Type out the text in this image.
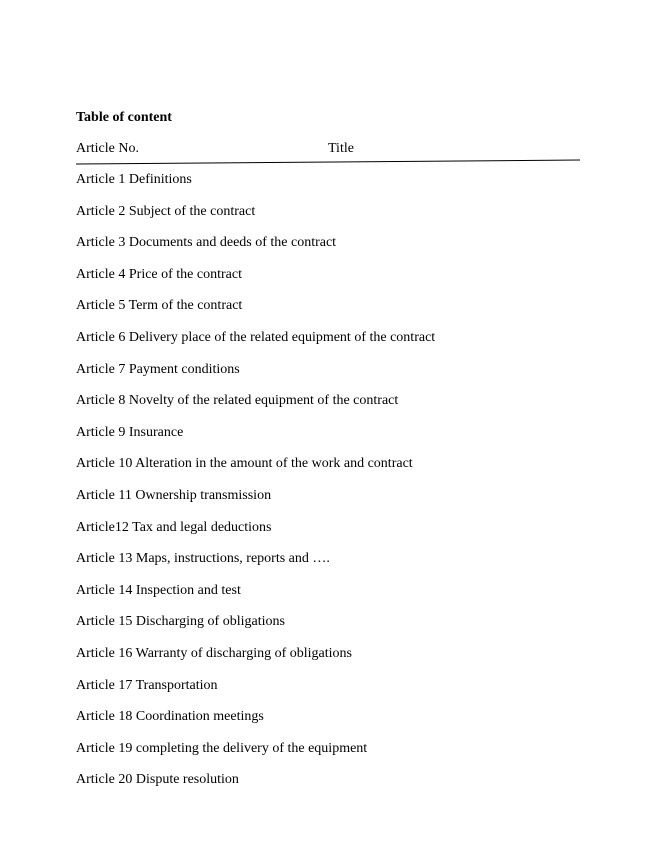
Table of content
Article No.	Title
Article 1 Definitions
Article 2 Subject of the contract
Article 3 Documents and deeds of the contract
Article 4 Price of the contract
Article 5 Term of the contract
Article 6 Delivery place of the related equipment of the contract
Article 7 Payment conditions
Article 8 Novelty of the related equipment of the contract
Article 9 Insurance
Article 10 Alteration in the amount of the work and contract
Article 11 Ownership transmission
Article12 Tax and legal deductions
Article 13 Maps, instructions, reports and ….
Article 14 Inspection and test
Article 15 Discharging of obligations
Article 16 Warranty of discharging of obligations
Article 17 Transportation
Article 18 Coordination meetings
Article 19 completing the delivery of the equipment
Article 20 Dispute resolution
